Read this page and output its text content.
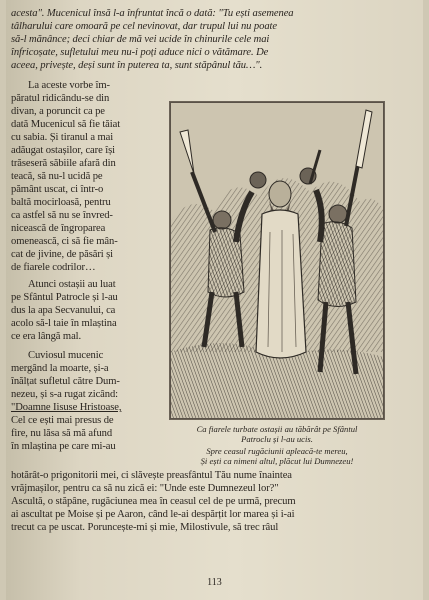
acesta". Mucenicul însă l-a înfruntat încă o dată: "Tu ești asemenea
tâlharului care omoară pe cel nevinovat, dar trupul lui nu poate
să-l mănânce; deci chiar de mă vei ucide în chinurile cele mai
înfricoșate, sufletului meu nu-i poți aduce nici o vătămare. De
aceea, privește, deși sunt în puterea ta, sunt stăpânul tău…".
La aceste vorbe îm-
păratul ridicându-se din
divan, a poruncit ca pe
dată Mucenicul să fie tăiat
cu sabia. Și tiranul a mai
adăugat ostașilor, care își
trăseseră săbiile afară din
teacă, să nu-l ucidă pe
pământ uscat, ci într-o
baltă mocirloasă, pentru
ca astfel să nu se învred-
nicească de îngroparea
omenească, ci să fie mân-
cat de jivine, de păsări și
de fiarele codrilor…
Atunci ostașii au luat
pe Sfântul Patrocle și l-au
dus la apa Secvanului, ca
acolo să-l taie în mlaștina
ce era lângă mal.
Cuviosul mucenic
mergând la moarte, și-a
înălțat sufletul către Dum-
nezeu, și s-a rugat zicând:
"Doamne Iisuse Hristoase,
Cel ce ești mai presus de
fire, nu lăsa să mă afund
în mlaștina pe care mi-au
Ca fiarele turbate ostașii au tăbărât pe Sfântul
Patroclu și l-au ucis.
Spre ceasul rugăciunii apleacă-te mereu,
Și ești ca nimeni altul, plăcut lui Dumnezeu!
hotărât-o prigonitorii mei, ci slăvește preasfântul Tău nume înaintea
vrăjmașilor, pentru ca să nu zică ei: "Unde este Dumnezeul lor?"
Ascultă, o stăpâne, rugăciunea mea în ceasul cel de pe urmă, precum
ai ascultat pe Moise și pe Aaron, când le-ai despărțit lor marea și i-ai
trecut ca pe uscat. Poruncește-mi și mie, Milostivule, să trec râul
113
